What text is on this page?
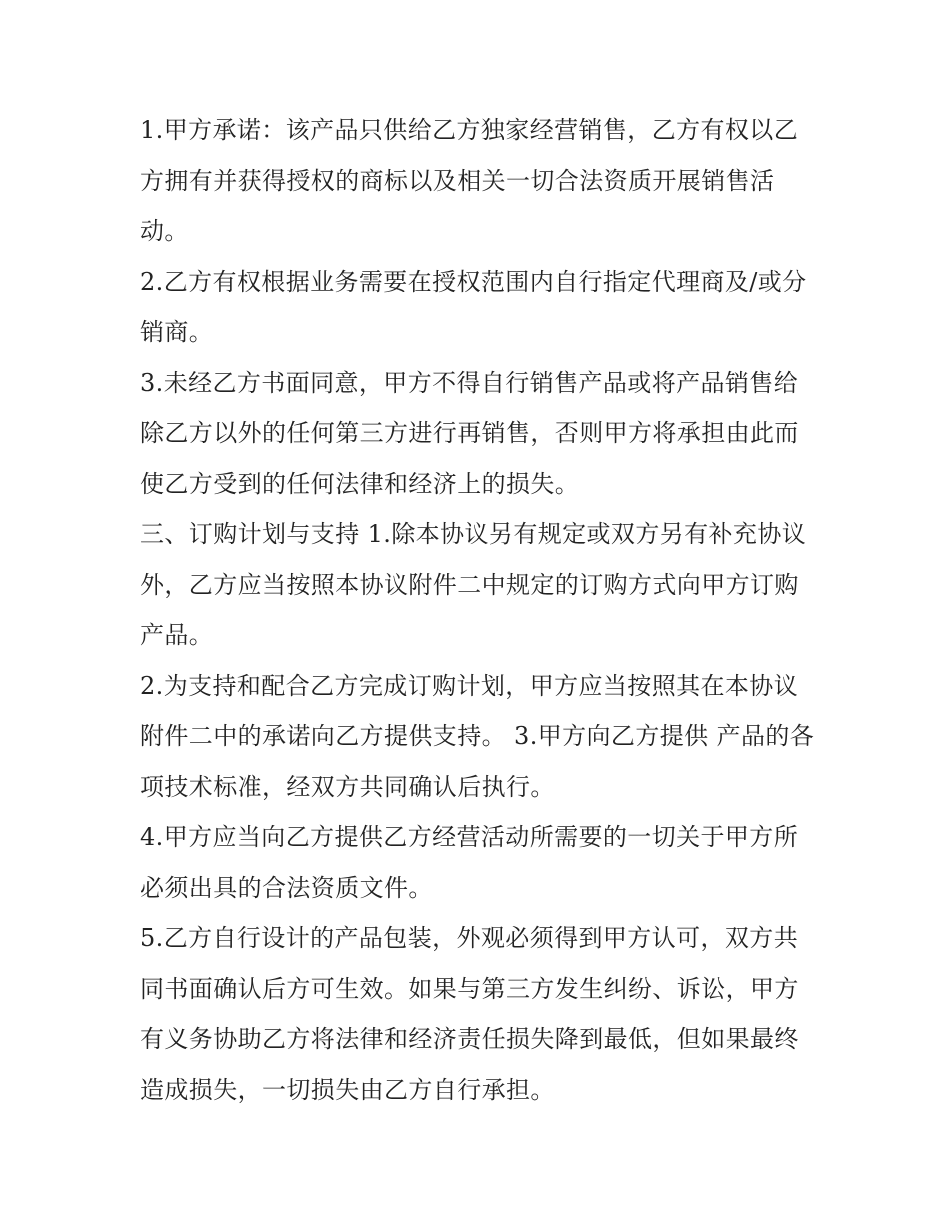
1.甲方承诺：该产品只供给乙方独家经营销售，乙方有权以乙方拥有并获得授权的商标以及相关一切合法资质开展销售活动。

2.乙方有权根据业务需要在授权范围内自行指定代理商及/或分销商。

3.未经乙方书面同意，甲方不得自行销售产品或将产品销售给除乙方以外的任何第三方进行再销售，否则甲方将承担由此而使乙方受到的任何法律和经济上的损失。

三、订购计划与支持 1.除本协议另有规定或双方另有补充协议外，乙方应当按照本协议附件二中规定的订购方式向甲方订购产品。

2.为支持和配合乙方完成订购计划，甲方应当按照其在本协议附件二中的承诺向乙方提供支持。 3.甲方向乙方提供 产品的各项技术标准，经双方共同确认后执行。

4.甲方应当向乙方提供乙方经营活动所需要的一切关于甲方所必须出具的合法资质文件。

5.乙方自行设计的产品包装，外观必须得到甲方认可，双方共同书面确认后方可生效。如果与第三方发生纠纷、诉讼，甲方有义务协助乙方将法律和经济责任损失降到最低，但如果最终造成损失，一切损失由乙方自行承担。
